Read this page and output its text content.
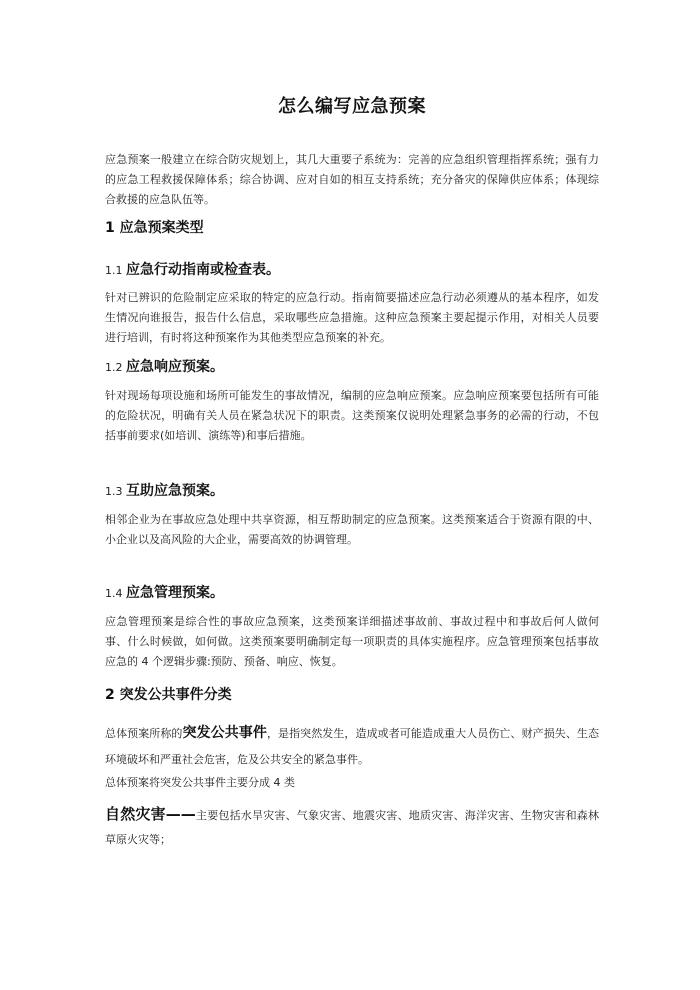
怎么编写应急预案

应急预案一般建立在综合防灾规划上，其几大重要子系统为：完善的应急组织管理指挥系统；强有力的应急工程救援保障体系；综合协调、应对自如的相互支持系统；充分备灾的保障供应体系；体现综合救援的应急队伍等。

1 应急预案类型
1.1 应急行动指南或检查表。

针对已辨识的危险制定应采取的特定的应急行动。指南简要描述应急行动必须遵从的基本程序，如发生情况向谁报告，报告什么信息，采取哪些应急措施。这种应急预案主要起提示作用，对相关人员要进行培训，有时将这种预案作为其他类型应急预案的补充。

1.2 应急响应预案。

针对现场每项设施和场所可能发生的事故情况，编制的应急响应预案。应急响应预案要包括所有可能的危险状况，明确有关人员在紧急状况下的职责。这类预案仅说明处理紧急事务的必需的行动，不包括事前要求(如培训、演练等)和事后措施。

1.3 互助应急预案。

相邻企业为在事故应急处理中共享资源，相互帮助制定的应急预案。这类预案适合于资源有限的中、小企业以及高风险的大企业，需要高效的协调管理。

1.4 应急管理预案。

应急管理预案是综合性的事故应急预案，这类预案详细描述事故前、事故过程中和事故后何人做何事、什么时候做，如何做。这类预案要明确制定每一项职责的具体实施程序。应急管理预案包括事故应急的 4 个逻辑步骤:预防、预备、响应、恢复。

2 突发公共事件分类

总体预案所称的突发公共事件，是指突然发生，造成或者可能造成重大人员伤亡、财产损失、生态环境破坏和严重社会危害，危及公共安全的紧急事件。

总体预案将突发公共事件主要分成 4 类

自然灾害——主要包括水旱灾害、气象灾害、地震灾害、地质灾害、海洋灾害、生物灾害和森林草原火灾等；
